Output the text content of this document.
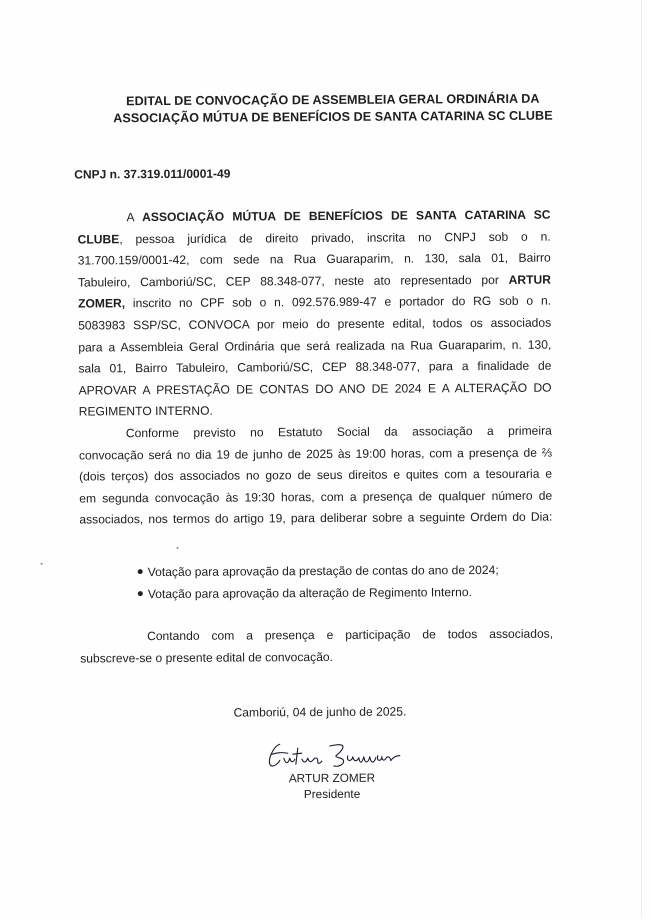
EDITAL DE CONVOCAÇÃO DE ASSEMBLEIA GERAL ORDINÁRIA DA
ASSOCIAÇÃO MÚTUA DE BENEFÍCIOS DE SANTA CATARINA SC CLUBE
CNPJ n. 37.319.011/0001-49
A ASSOCIAÇÃO MÚTUA DE BENEFÍCIOS DE SANTA CATARINA SC
CLUBE, pessoa jurídica de direito privado, inscrita no CNPJ sob o n.
31.700.159/0001-42, com sede na Rua Guaraparim, n. 130, sala 01, Bairro
Tabuleiro, Camboriú/SC, CEP 88.348-077, neste ato representado por ARTUR
ZOMER, inscrito no CPF sob o n. 092.576.989-47 e portador do RG sob o n.
5083983 SSP/SC, CONVOCA por meio do presente edital, todos os associados
para a Assembleia Geral Ordinária que será realizada na Rua Guaraparim, n. 130,
sala 01, Bairro Tabuleiro, Camboriú/SC, CEP 88.348-077, para a finalidade de
APROVAR A PRESTAÇÃO DE CONTAS DO ANO DE 2024 E A ALTERAÇÃO DO
REGIMENTO INTERNO.
Conforme previsto no Estatuto Social da associação a primeira
convocação será no dia 19 de junho de 2025 às 19:00 horas, com a presença de ⅔
(dois terços) dos associados no gozo de seus direitos e quites com a tesouraria e
em segunda convocação às 19:30 horas, com a presença de qualquer número de
associados, nos termos do artigo 19, para deliberar sobre a seguinte Ordem do Dia:
Votação para aprovação da prestação de contas do ano de 2024;
Votação para aprovação da alteração de Regimento Interno.
Contando com a presença e participação de todos associados,
subscreve-se o presente edital de convocação.
Camboriú, 04 de junho de 2025.
ARTUR ZOMER
Presidente
